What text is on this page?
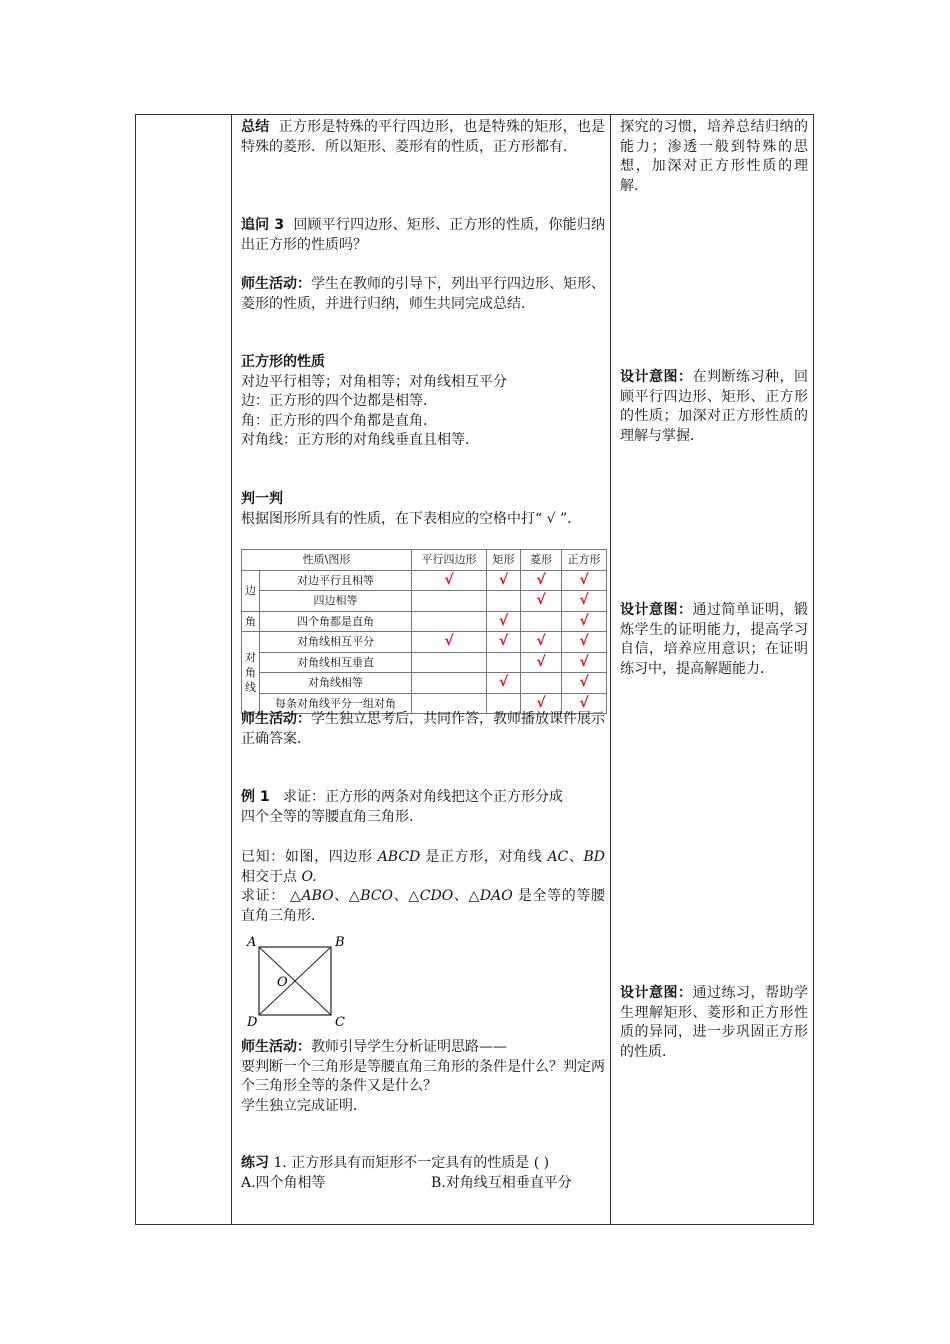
总结 正方形是特殊的平行四边形，也是特殊的矩形，也是特殊的菱形．所以矩形、菱形有的性质，正方形都有．
追问 3 回顾平行四边形、矩形、正方形的性质，你能归纳出正方形的性质吗？
师生活动：学生在教师的引导下，列出平行四边形、矩形、菱形的性质，并进行归纳，师生共同完成总结．
正方形的性质
对边平行相等；对角相等；对角线相互平分
边：正方形的四个边都是相等．
角：正方形的四个角都是直角．
对角线：正方形的对角线垂直且相等．
判一判
根据图形所具有的性质，在下表相应的空格中打“ √ ”．
性质\图形		平行四边形	矩形	菱形	正方形
边	对边平行且相等	√	√	√	√
	四边相等			√	√
角	四个角都是直角		√		√
对
角
线	对角线相互平分	√	√	√	√
	对角线相互垂直			√	√
	对角线相等		√		√
	每条对角线平分一组对角			√	√
师生活动：学生独立思考后，共同作答，教师播放课件展示正确答案．
例 1 求证：正方形的两条对角线把这个正方形分成四个全等的等腰直角三角形．
已知：如图，四边形 ABCD 是正方形，对角线 AC、BD 相交于点 O.
求证： △ABO、△BCO、△CDO、△DAO 是全等的等腰直角三角形．
A	B
C
D
O
师生活动：教师引导学生分析证明思路——
要判断一个三角形是等腰直角三角形的条件是什么？判定两个三角形全等的条件又是什么？
学生独立完成证明．
练习 1. 正方形具有而矩形不一定具有的性质是 ( )
A.四个角相等	B.对角线互相垂直平分
探究的习惯，培养总结归纳的能力；渗透一般到特殊的思想，加深对正方形性质的理解．
设计意图：在判断练习种，回顾平行四边形、矩形、正方形的性质；加深对正方形性质的理解与掌握．
设计意图：通过简单证明，锻炼学生的证明能力，提高学习自信，培养应用意识；在证明练习中，提高解题能力．
设计意图：通过练习，帮助学生理解矩形、菱形和正方形性质的异同，进一步巩固正方形的性质．
